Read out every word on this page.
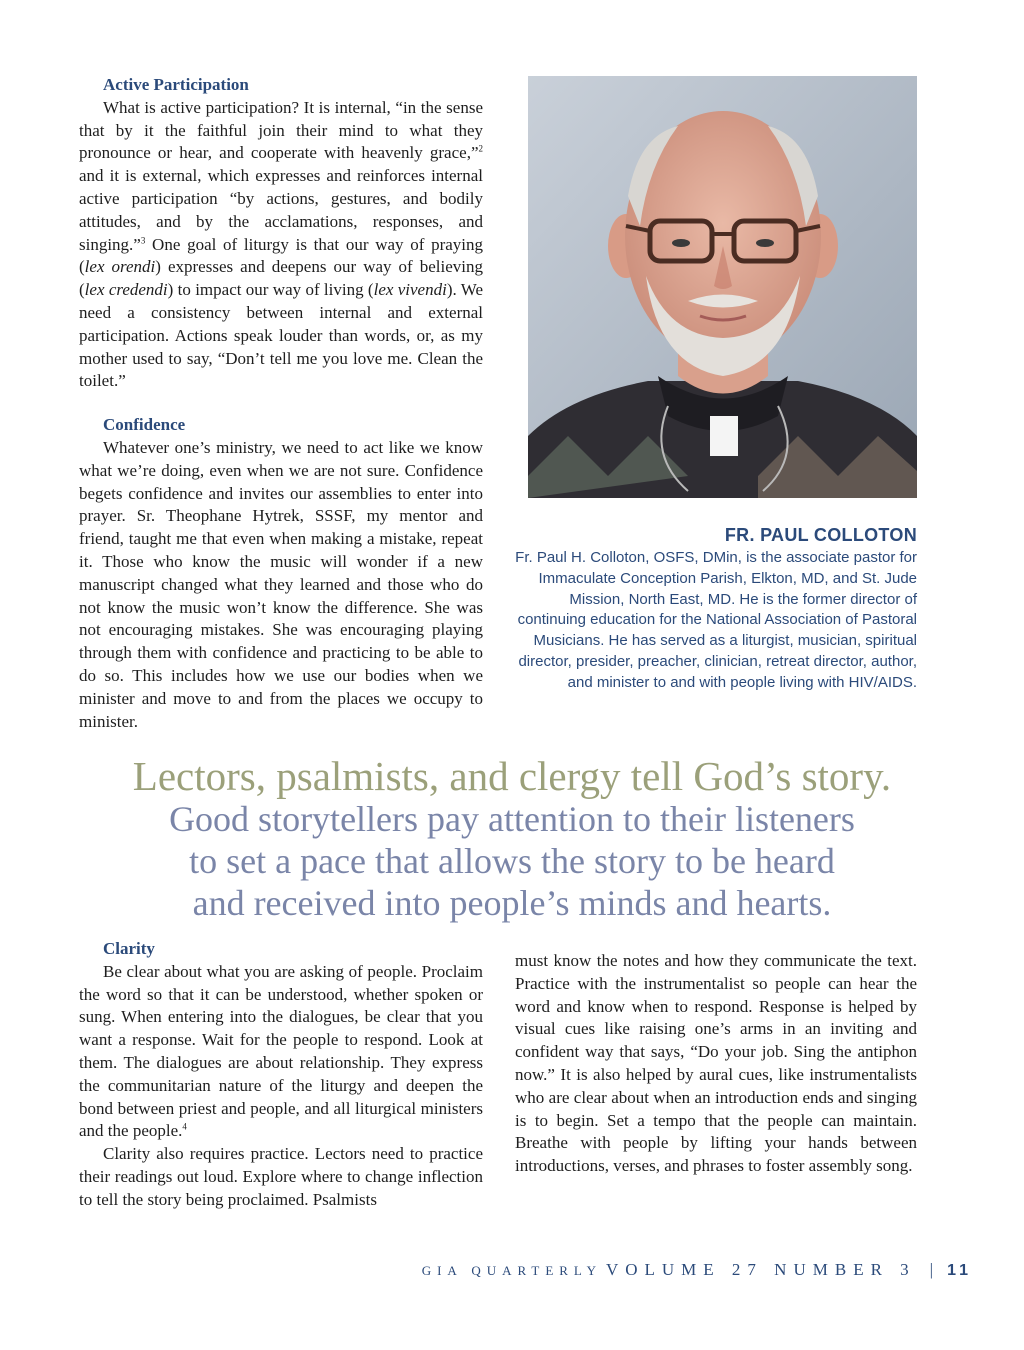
Active Participation

What is active participation? It is internal, “in the sense that by it the faithful join their mind to what they pronounce or hear, and cooperate with heavenly grace,”$^2$ and it is external, which expresses and reinforces internal active participation “by actions, gestures, and bodily attitudes, and by the acclamations, responses, and singing.”$^3$ One goal of liturgy is that our way of praying (lex orendi) expresses and deepens our way of believing (lex credendi) to impact our way of living (lex vivendi). We need a consistency between internal and external participation. Actions speak louder than words, or, as my mother used to say, “Don’t tell me you love me. Clean the toilet.”

Confidence

Whatever one’s ministry, we need to act like we know what we’re doing, even when we are not sure. Confidence begets confidence and invites our assemblies to enter into prayer. Sr. Theophane Hytrek, SSSF, my mentor and friend, taught me that even when making a mistake, repeat it. Those who know the music will wonder if a new manuscript changed what they learned and those who do not know the music won’t know the difference. She was not encouraging mistakes. She was encouraging playing through them with confidence and practicing to be able to do so. This includes how we use our bodies when we minister and move to and from the places we occupy to minister.

FR. PAUL COLLOTON
Fr. Paul H. Colloton, OSFS, DMin, is the associate pastor for Immaculate Conception Parish, Elkton, MD, and St. Jude Mission, North East, MD. He is the former director of continuing education for the National Association of Pastoral Musicians. He has served as a liturgist, musician, spiritual director, presider, preacher, clinician, retreat director, author, and minister to and with people living with HIV/AIDS.
Lectors, psalmists, and clergy tell God’s story.
Good storytellers pay attention to their listeners
to set a pace that allows the story to be heard
and received into people’s minds and hearts.

Clarity

Be clear about what you are asking of people. Proclaim the word so that it can be understood, whether spoken or sung. When entering into the dialogues, be clear that you want a response. Wait for the people to respond. Look at them. The dialogues are about relationship. They express the communitarian nature of the liturgy and deepen the bond between priest and people, and all liturgical ministers and the people.$^4$

Clarity also requires practice. Lectors need to practice their readings out loud. Explore where to change inflection to tell the story being proclaimed. Psalmists

must know the notes and how they communicate the text. Practice with the instrumentalist so people can hear the word and know when to respond. Response is helped by visual cues like raising one’s arms in an inviting and confident way that says, “Do your job. Sing the antiphon now.” It is also helped by aural cues, like instrumentalists who are clear about when an introduction ends and singing is to begin. Set a tempo that the people can maintain. Breathe with people by lifting your hands between introductions, verses, and phrases to foster assembly song.

GIA QUARTERLY VOLUME 27 NUMBER 3 | 11
